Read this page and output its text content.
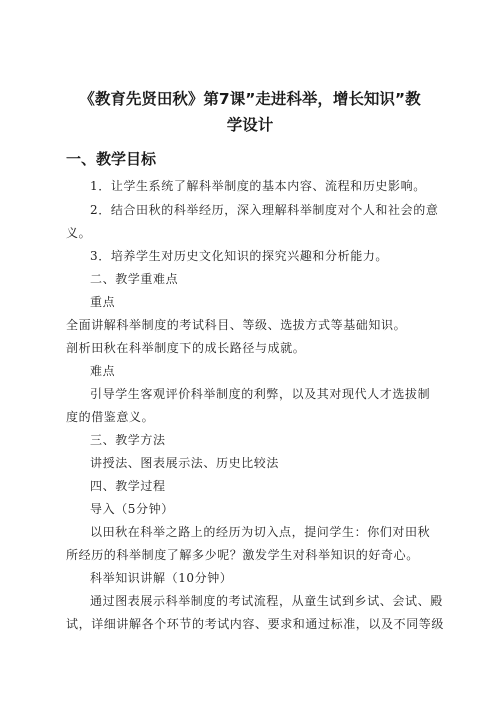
《教育先贤田秋》第7课”走进科举，增长知识”教
学设计
一、教学目标
1．让学生系统了解科举制度的基本内容、流程和历史影响。
2．结合田秋的科举经历，深入理解科举制度对个人和社会的意
义。
3．培养学生对历史文化知识的探究兴趣和分析能力。
二、教学重难点
重点
全面讲解科举制度的考试科目、等级、选拔方式等基础知识。
剖析田秋在科举制度下的成长路径与成就。
难点
引导学生客观评价科举制度的利弊，以及其对现代人才选拔制
度的借鉴意义。
三、教学方法
讲授法、图表展示法、历史比较法
四、教学过程
导入（5分钟）
以田秋在科举之路上的经历为切入点，提问学生：你们对田秋
所经历的科举制度了解多少呢？激发学生对科举知识的好奇心。
科举知识讲解（10分钟）
通过图表展示科举制度的考试流程，从童生试到乡试、会试、殿
试，详细讲解各个环节的考试内容、要求和通过标准，以及不同等级
